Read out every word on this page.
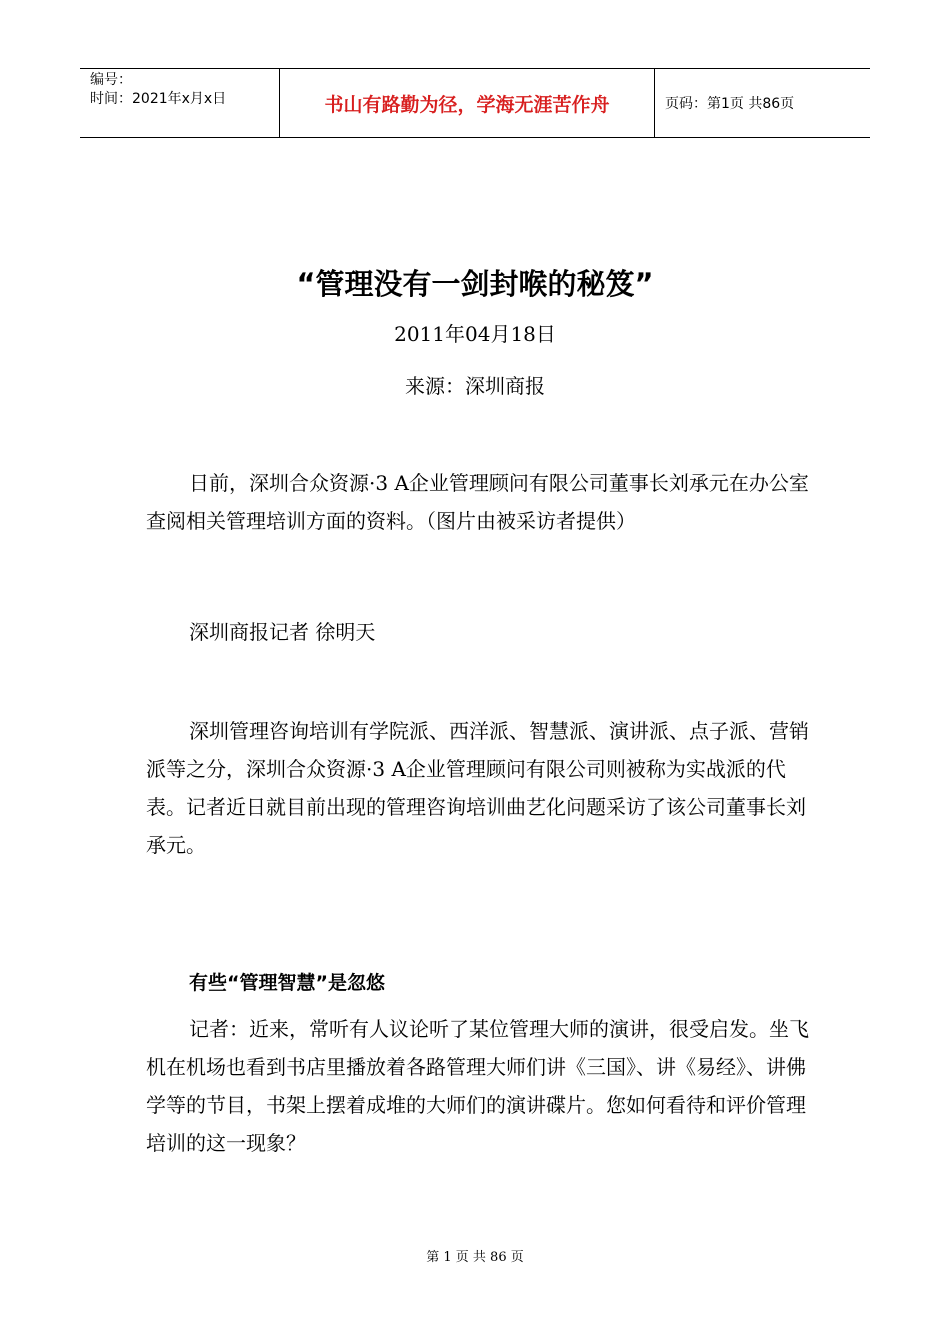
编号：
时间：2021年x月x日	书山有路勤为径，学海无涯苦作舟	页码：第1页 共86页
“管理没有一剑封喉的秘笈”
2011年04月18日
来源：深圳商报

日前，深圳合众资源·3 A企业管理顾问有限公司董事长刘承元在办公室查阅相关管理培训方面的资料。（图片由被采访者提供）

深圳商报记者 徐明天

深圳管理咨询培训有学院派、西洋派、智慧派、演讲派、点子派、营销派等之分，深圳合众资源·3 A企业管理顾问有限公司则被称为实战派的代表。记者近日就目前出现的管理咨询培训曲艺化问题采访了该公司董事长刘承元。

有些“管理智慧”是忽悠

记者：近来，常听有人议论听了某位管理大师的演讲，很受启发。坐飞机在机场也看到书店里播放着各路管理大师们讲《三国》、讲《易经》、讲佛学等的节目，书架上摆着成堆的大师们的演讲碟片。您如何看待和评价管理培训的这一现象？

第 1 页 共 86 页
